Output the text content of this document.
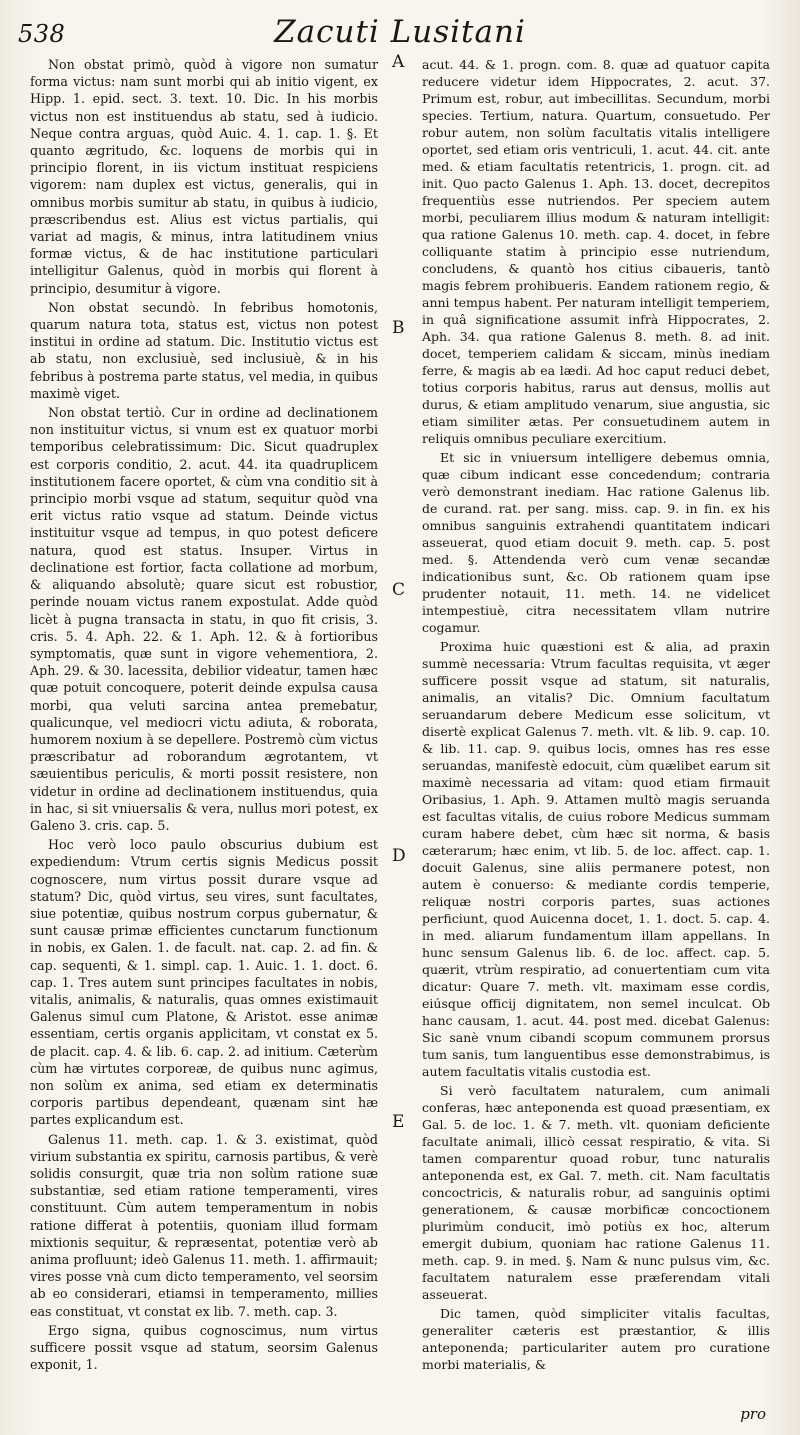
538	Zacuti Lusitani
A
B
C
D
E

Non obstat primò, quòd à vigore non sumatur forma victus: nam sunt morbi qui ab initio vigent, ex Hipp. 1. epid. sect. 3. text. 10. Dic. In his morbis victus non est instituendus ab statu, sed à iudicio. Neque contra arguas, quòd Auic. 4. 1. cap. 1. §. Et quanto ægritudo, &c. loquens de morbis qui in principio florent, in iis victum instituat respiciens vigorem: nam duplex est victus, generalis, qui in omnibus morbis sumitur ab statu, in quibus à iudicio, præscribendus est. Alius est victus partialis, qui variat ad magis, & minus, intra latitudinem vnius formæ victus, & de hac institutione particulari intelligitur Galenus, quòd in morbis qui florent à principio, desumitur à vigore.

Non obstat secundò. In febribus homotonis, quarum natura tota, status est, victus non potest institui in ordine ad statum. Dic. Institutio victus est ab statu, non exclusiuè, sed inclusiuè, & in his febribus à postrema parte status, vel media, in quibus maximè viget.

Non obstat tertiò. Cur in ordine ad declinationem non instituitur victus, si vnum est ex quatuor morbi temporibus celebratissimum: Dic. Sicut quadruplex est corporis conditio, 2. acut. 44. ita quadruplicem institutionem facere oportet, & cùm vna conditio sit à principio morbi vsque ad statum, sequitur quòd vna erit victus ratio vsque ad statum. Deinde victus instituitur vsque ad tempus, in quo potest deficere natura, quod est status. Insuper. Virtus in declinatione est fortior, facta collatione ad morbum, & aliquando absolutè; quare sicut est robustior, perinde nouam victus ranem expostulat. Adde quòd licèt à pugna transacta in statu, in quo fit crisis, 3. cris. 5. 4. Aph. 22. & 1. Aph. 12. & à fortioribus symptomatis, quæ sunt in vigore vehementiora, 2. Aph. 29. & 30. lacessita, debilior videatur, tamen hæc quæ potuit concoquere, poterit deinde expulsa causa morbi, qua veluti sarcina antea premebatur, qualicunque, vel mediocri victu adiuta, & roborata, humorem noxium à se depellere. Postremò cùm victus præscribatur ad roborandum ægrotantem, vt sæuientibus periculis, & morti possit resistere, non videtur in ordine ad declinationem instituendus, quia in hac, si sit vniuersalis & vera, nullus mori potest, ex Galeno 3. cris. cap. 5.

Hoc verò loco paulo obscurius dubium est expediendum: Vtrum certis signis Medicus possit cognoscere, num virtus possit durare vsque ad statum? Dic, quòd virtus, seu vires, sunt facultates, siue potentiæ, quibus nostrum corpus gubernatur, & sunt causæ primæ efficientes cunctarum functionum in nobis, ex Galen. 1. de facult. nat. cap. 2. ad fin. & cap. sequenti, & 1. simpl. cap. 1. Auic. 1. 1. doct. 6. cap. 1. Tres autem sunt principes facultates in nobis, vitalis, animalis, & naturalis, quas omnes existimauit Galenus simul cum Platone, & Aristot. esse animæ essentiam, certis organis applicitam, vt constat ex 5. de placit. cap. 4. & lib. 6. cap. 2. ad initium. Cæterùm cùm hæ virtutes corporeæ, de quibus nunc agimus, non solùm ex anima, sed etiam ex determinatis corporis partibus dependeant, quænam sint hæ partes explicandum est.

Galenus 11. meth. cap. 1. & 3. existimat, quòd virium substantia ex spiritu, carnosis partibus, & verè solidis consurgit, quæ tria non solùm ratione suæ substantiæ, sed etiam ratione temperamenti, vires constituunt. Cùm autem temperamentum in nobis ratione differat à potentiis, quoniam illud formam mixtionis sequitur, & repræsentat, potentiæ verò ab anima profluunt; ideò Galenus 11. meth. 1. affirmauit; vires posse vnà cum dicto temperamento, vel seorsim ab eo considerari, etiamsi in temperamento, millies eas constituat, vt constat ex lib. 7. meth. cap. 3.

Ergo signa, quibus cognoscimus, num virtus sufficere possit vsque ad statum, seorsim Galenus exponit, 1.

acut. 44. & 1. progn. com. 8. quæ ad quatuor capita reducere videtur idem Hippocrates, 2. acut. 37. Primum est, robur, aut imbecillitas. Secundum, morbi species. Tertium, natura. Quartum, consuetudo. Per robur autem, non solùm facultatis vitalis intelligere oportet, sed etiam oris ventriculi, 1. acut. 44. cit. ante med. & etiam facultatis retentricis, 1. progn. cit. ad init. Quo pacto Galenus 1. Aph. 13. docet, decrepitos frequentiùs esse nutriendos. Per speciem autem morbi, peculiarem illius modum & naturam intelligit: qua ratione Galenus 10. meth. cap. 4. docet, in febre colliquante statim à principio esse nutriendum, concludens, & quantò hos citius cibaueris, tantò magis febrem prohibueris. Eandem rationem regio, & anni tempus habent. Per naturam intelligit temperiem, in quâ significatione assumit infrà Hippocrates, 2. Aph. 34. qua ratione Galenus 8. meth. 8. ad init. docet, temperiem calidam & siccam, minùs inediam ferre, & magis ab ea lædi. Ad hoc caput reduci debet, totius corporis habitus, rarus aut densus, mollis aut durus, & etiam amplitudo venarum, siue angustia, sic etiam similiter ætas. Per consuetudinem autem in reliquis omnibus peculiare exercitium.

Et sic in vniuersum intelligere debemus omnia, quæ cibum indicant esse concedendum; contraria verò demonstrant inediam. Hac ratione Galenus lib. de curand. rat. per sang. miss. cap. 9. in fin. ex his omnibus sanguinis extrahendi quantitatem indicari asseuerat, quod etiam docuit 9. meth. cap. 5. post med. §. Attendenda verò cum venæ secandæ indicationibus sunt, &c. Ob rationem quam ipse prudenter notauit, 11. meth. 14. ne videlicet intempestiuè, citra necessitatem vllam nutrire cogamur.

Proxima huic quæstioni est & alia, ad praxin summè necessaria: Vtrum facultas requisita, vt æger sufficere possit vsque ad statum, sit naturalis, animalis, an vitalis? Dic. Omnium facultatum seruandarum debere Medicum esse solicitum, vt disertè explicat Galenus 7. meth. vlt. & lib. 9. cap. 10. & lib. 11. cap. 9. quibus locis, omnes has res esse seruandas, manifestè edocuit, cùm quælibet earum sit maximè necessaria ad vitam: quod etiam firmauit Oribasius, 1. Aph. 9. Attamen multò magis seruanda est facultas vitalis, de cuius robore Medicus summam curam habere debet, cùm hæc sit norma, & basis cæterarum; hæc enim, vt lib. 5. de loc. affect. cap. 1. docuit Galenus, sine aliis permanere potest, non autem è conuerso: & mediante cordis temperie, reliquæ nostri corporis partes, suas actiones perficiunt, quod Auicenna docet, 1. 1. doct. 5. cap. 4. in med. aliarum fundamentum illam appellans. In hunc sensum Galenus lib. 6. de loc. affect. cap. 5. quærit, vtrùm respiratio, ad conuertentiam cum vita dicatur: Quare 7. meth. vlt. maximam esse cordis, eiúsque officij dignitatem, non semel inculcat. Ob hanc causam, 1. acut. 44. post med. dicebat Galenus: Sic sanè vnum cibandi scopum communem prorsus tum sanis, tum languentibus esse demonstrabimus, is autem facultatis vitalis custodia est.

Si verò facultatem naturalem, cum animali conferas, hæc anteponenda est quoad præsentiam, ex Gal. 5. de loc. 1. & 7. meth. vlt. quoniam deficiente facultate animali, illicò cessat respiratio, & vita. Si tamen comparentur quoad robur, tunc naturalis anteponenda est, ex Gal. 7. meth. cit. Nam facultatis concoctricis, & naturalis robur, ad sanguinis optimi generationem, & causæ morbificæ concoctionem plurimùm conducit, imò potiùs ex hoc, alterum emergit dubium, quoniam hac ratione Galenus 11. meth. cap. 9. in med. §. Nam & nunc pulsus vim, &c. facultatem naturalem esse præferendam vitali asseuerat.

Dic tamen, quòd simpliciter vitalis facultas, generaliter cæteris est præstantior, & illis anteponenda; particulariter autem pro curatione morbi materialis, &

pro
